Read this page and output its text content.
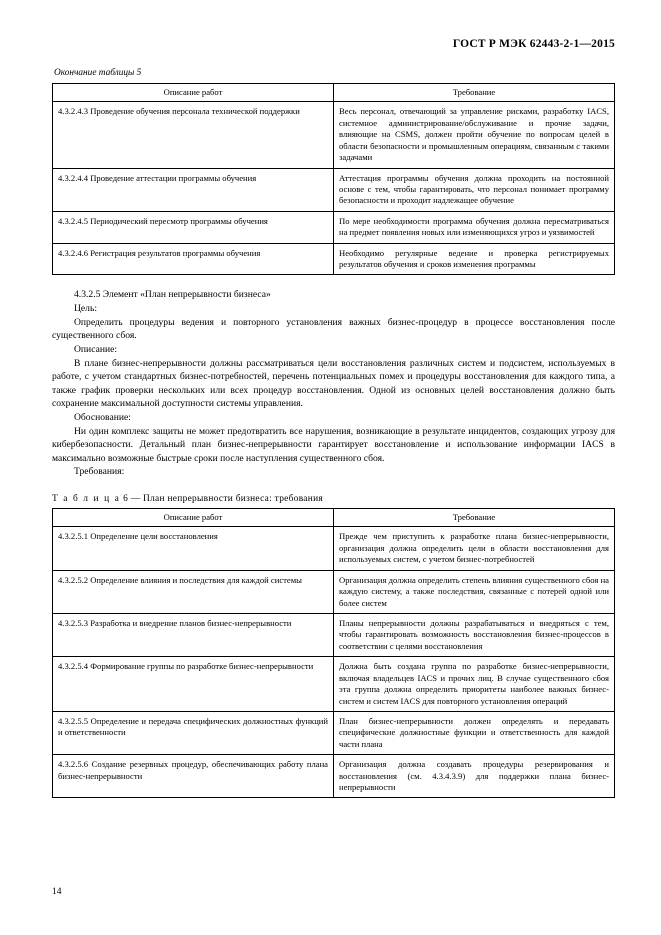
ГОСТ Р МЭК 62443-2-1—2015
Окончание таблицы 5
Описание работ	Требование
4.3.2.4.3 Проведение обучения персонала технической поддержки	Весь персонал, отвечающий за управление рисками, разработку IACS, системное администрирование/обслуживание и прочие задачи, влияющие на CSMS, должен пройти обучение по вопросам целей в области безопасности и промышленным операциям, связанным с такими задачами
4.3.2.4.4 Проведение аттестации программы обучения	Аттестация программы обучения должна проходить на постоянной основе с тем, чтобы гарантировать, что персонал понимает программу безопасности и проходит надлежащее обучение
4.3.2.4.5 Периодический пересмотр программы обучения	По мере необходимости программа обучения должна пересматриваться на предмет появления новых или изменяющихся угроз и уязвимостей
4.3.2.4.6 Регистрация результатов программы обучения	Необходимо регулярные ведение и проверка регистрируемых результатов обучения и сроков изменения программы

4.3.2.5 Элемент «План непрерывности бизнеса»

Цель:

Определить процедуры ведения и повторного установления важных бизнес-процедур в процессе восстановления после существенного сбоя.

Описание:

В плане бизнес-непрерывности должны рассматриваться цели восстановления различных систем и подсистем, используемых в работе, с учетом стандартных бизнес-потребностей, перечень потенциальных помех и процедуры восстановления для каждого типа, а также график проверки нескольких или всех процедур восстановления. Одной из основных целей восстановления должно быть сохранение максимальной доступности системы управления.

Обоснование:

Ни один комплекс защиты не может предотвратить все нарушения, возникающие в результате инцидентов, создающих угрозу для кибербезопасности. Детальный план бизнес-непрерывности гарантирует восстановление и использование информации IACS в максимально возможные быстрые сроки после наступления существенного сбоя.

Требования:

Т а б л и ц а 6 — План непрерывности бизнеса: требования
Описание работ	Требование
4.3.2.5.1 Определение цели восстановления	Прежде чем приступить к разработке плана бизнес-непрерывности, организация должна определить цели в области восстановления для используемых систем, с учетом бизнес-потребностей
4.3.2.5.2 Определение влияния и последствия для каждой системы	Организация должна определить степень влияния существенного сбоя на каждую систему, а также последствия, связанные с потерей одной или более систем
4.3.2.5.3 Разработка и внедрение планов бизнес-непрерывности	Планы непрерывности должны разрабатываться и внедряться с тем, чтобы гарантировать возможность восстановления бизнес-процессов в соответствии с целями восстановления
4.3.2.5.4 Формирование группы по разработке бизнес-непрерывности	Должна быть создана группа по разработке бизнес-непрерывности, включая владельцев IACS и прочих лиц. В случае существенного сбоя эта группа должна определить приоритеты наиболее важных бизнес-систем и систем IACS для повторного установления операций
4.3.2.5.5 Определение и передача специфических должностных функций и ответственности	План бизнес-непрерывности должен определять и передавать специфические должностные функции и ответственность для каждой части плана
4.3.2.5.6 Создание резервных процедур, обеспечивающих работу плана бизнес-непрерывности	Организация должна создавать процедуры резервирования и восстановления (см. 4.3.4.3.9) для поддержки плана бизнес-непрерывности
14
